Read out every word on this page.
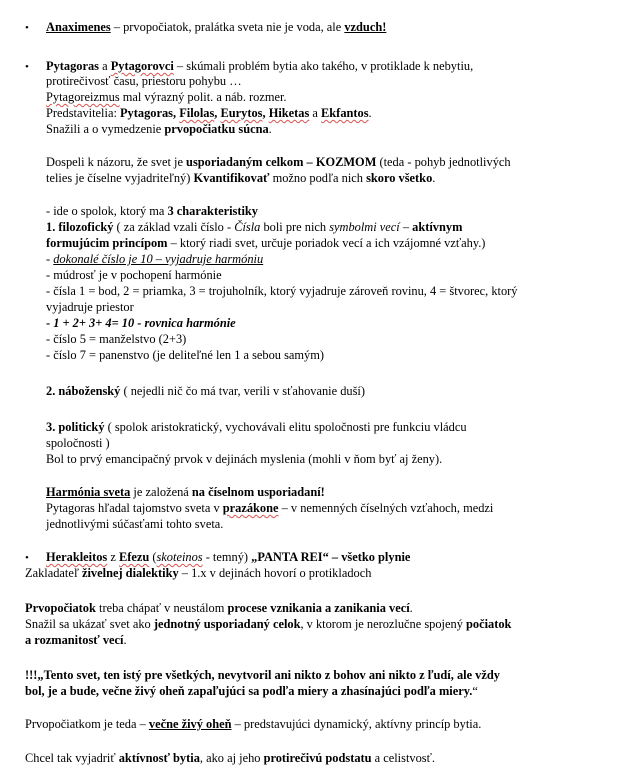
• Anaximenes – prvopočiatok, pralátka sveta nie je voda, ale vzduch!
• Pytagoras a Pytagorovci – skúmali problém bytia ako takého, v protiklade k nebytiu,
protirečivosť času, priestoru pohybu …
Pytagoreizmus mal výrazný polit. a náb. rozmer.
Predstavitelia: Pytagoras, Filolas, Eurytos, Hiketas a Ekfantos.
Snažili a o vymedzenie prvopočiatku súcna.
Dospeli k názoru, že svet je usporiadaným celkom – KOZMOM (teda - pohyb jednotlivých
telies je číselne vyjadriteľný) Kvantifikovať možno podľa nich skoro všetko.
- ide o spolok, ktorý ma 3 charakteristiky
1. filozofický ( za základ vzali číslo - Čísla boli pre nich symbolmi vecí – aktívnym
formujúcim princípom – ktorý riadi svet, určuje poriadok vecí a ich vzájomné vzťahy.)
- dokonalé číslo je 10 – vyjadruje harmóniu
- múdrosť je v pochopení harmónie
- čísla 1 = bod, 2 = priamka, 3 = trojuholník, ktorý vyjadruje zároveň rovinu, 4 = štvorec, ktorý
vyjadruje priestor
- 1 + 2+ 3+ 4= 10 - rovnica harmónie
- číslo 5 = manželstvo (2+3)
- číslo 7 = panenstvo (je deliteľné len 1 a sebou samým)
2. náboženský ( nejedli nič čo má tvar, verili v sťahovanie duší)
3. politický ( spolok aristokratický, vychovávali elitu spoločnosti pre funkciu vládcu
spoločnosti )
Bol to prvý emancipačný prvok v dejinách myslenia (mohli v ňom byť aj ženy).
Harmónia sveta je založená na číselnom usporiadaní!
Pytagoras hľadal tajomstvo sveta v prazákone – v nemenných číselných vzťahoch, medzi
jednotlivými súčasťami tohto sveta.
• Herakleitos z Efezu (skoteinos - temný) „PANTA REI“ – všetko plynie
Zakladateľ živelnej dialektiky – 1.x v dejinách hovorí o protikladoch
Prvopočiatok treba chápať v neustálom procese vznikania a zanikania vecí.
Snažil sa ukázať svet ako jednotný usporiadaný celok, v ktorom je nerozlučne spojený počiatok
a rozmanitosť vecí.
!!!„Tento svet, ten istý pre všetkých, nevytvoril ani nikto z bohov ani nikto z ľudí, ale vždy
bol, je a bude, večne živý oheň zapaľujúci sa podľa miery a zhasínajúci podľa miery.“
Prvopočiatkom je teda – večne živý oheň – predstavujúci dynamický, aktívny princíp bytia.
Chcel tak vyjadriť aktívnosť bytia, ako aj jeho protirečivú podstatu a celistvosť.
